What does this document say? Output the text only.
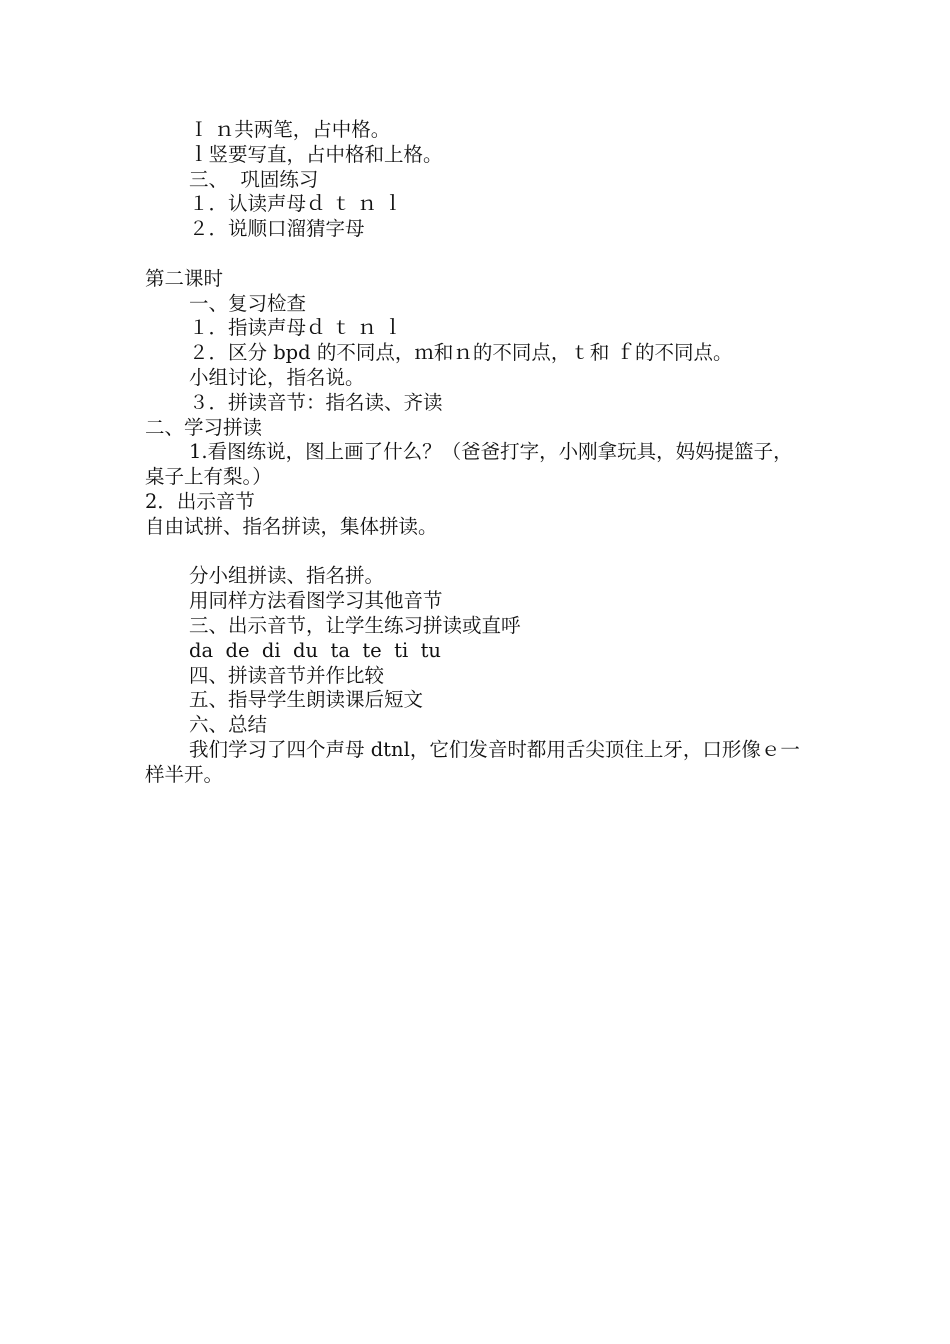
Ｉ ｎ共两笔，占中格。

ｌ竖要写直，占中格和上格。

三、  巩固练习

１．认读声母ｄ ｔ ｎ ｌ

２．说顺口溜猜字母

第二课时

一、复习检查

１．指读声母ｄ ｔ ｎ ｌ

２．区分 bpd 的不同点，ｍ和ｎ的不同点，ｔ和 ｆ的不同点。

小组讨论，指名说。

３．拼读音节：指名读、齐读

二、学习拼读

1.看图练说，图上画了什么？（爸爸打字，小刚拿玩具，妈妈提篮子，桌子上有梨。）

2．出示音节

自由试拼、指名拼读，集体拼读。

分小组拼读、指名拼。

用同样方法看图学习其他音节

三、出示音节，让学生练习拼读或直呼

da  de  di  du  ta  te  ti  tu

四、拼读音节并作比较

五、指导学生朗读课后短文

六、总结

我们学习了四个声母 dtnl，它们发音时都用舌尖顶住上牙，口形像ｅ一样半开。
